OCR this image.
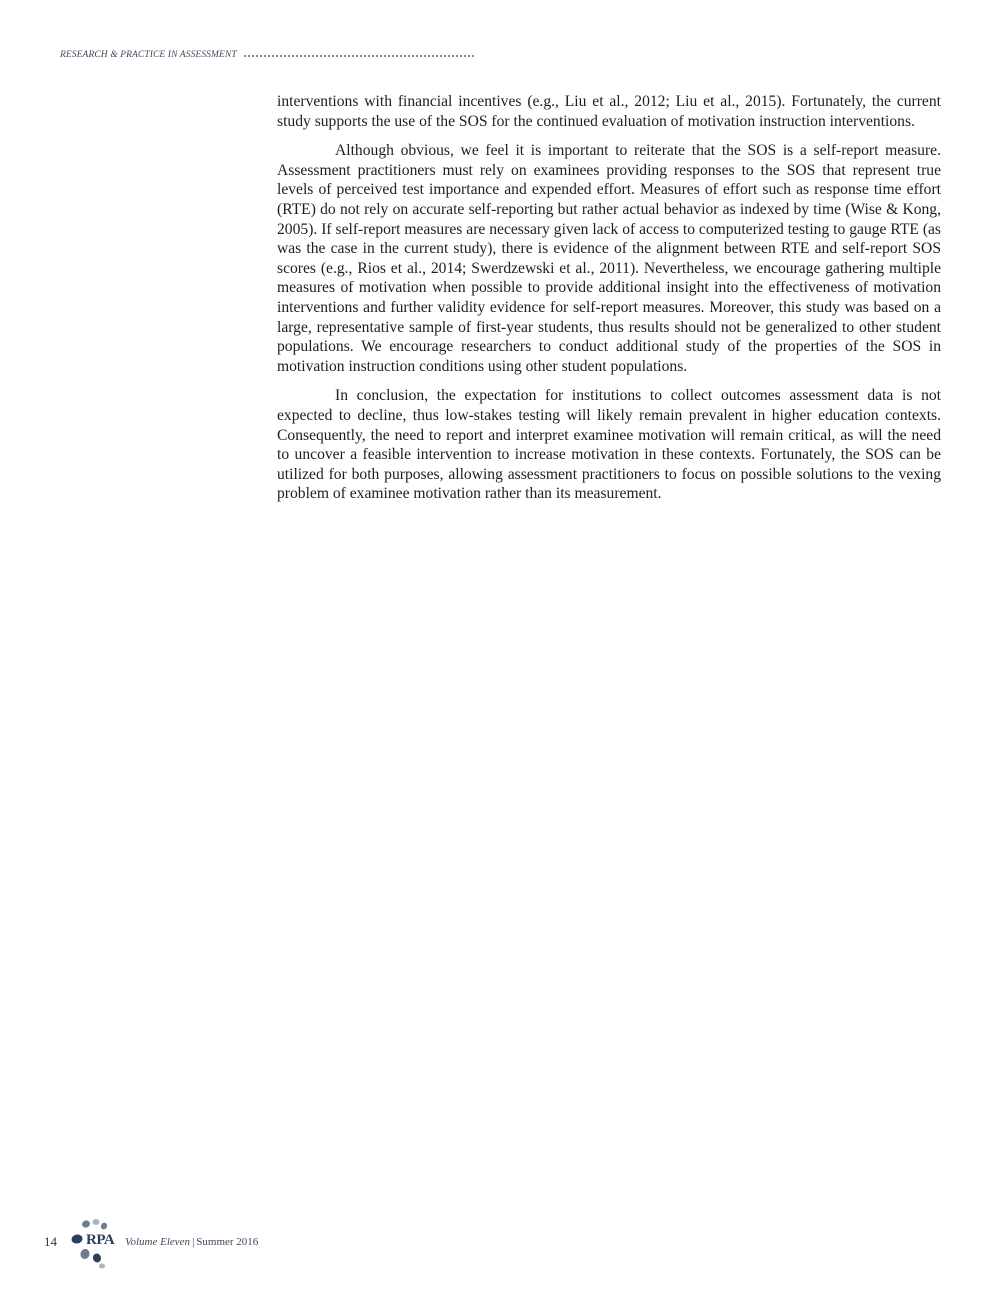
RESEARCH & PRACTICE IN ASSESSMENT

interventions with financial incentives (e.g., Liu et al., 2012; Liu et al., 2015). Fortunately, the current study supports the use of the SOS for the continued evaluation of motivation instruction interventions.

Although obvious, we feel it is important to reiterate that the SOS is a self-report measure. Assessment practitioners must rely on examinees providing responses to the SOS that represent true levels of perceived test importance and expended effort. Measures of effort such as response time effort (RTE) do not rely on accurate self-reporting but rather actual behavior as indexed by time (Wise & Kong, 2005). If self-report measures are necessary given lack of access to computerized testing to gauge RTE (as was the case in the current study), there is evidence of the alignment between RTE and self-report SOS scores (e.g., Rios et al., 2014; Swerdzewski et al., 2011). Nevertheless, we encourage gathering multiple measures of motivation when possible to provide additional insight into the effectiveness of motivation interventions and further validity evidence for self-report measures. Moreover, this study was based on a large, representative sample of first-year students, thus results should not be generalized to other student populations. We encourage researchers to conduct additional study of the properties of the SOS in motivation instruction conditions using other student populations.

In conclusion, the expectation for institutions to collect outcomes assessment data is not expected to decline, thus low-stakes testing will likely remain prevalent in higher education contexts. Consequently, the need to report and interpret examinee motivation will remain critical, as will the need to uncover a feasible intervention to increase motivation in these contexts. Fortunately, the SOS can be utilized for both purposes, allowing assessment practitioners to focus on possible solutions to the vexing problem of examinee motivation rather than its measurement.

14 RPA Volume Eleven | Summer 2016
